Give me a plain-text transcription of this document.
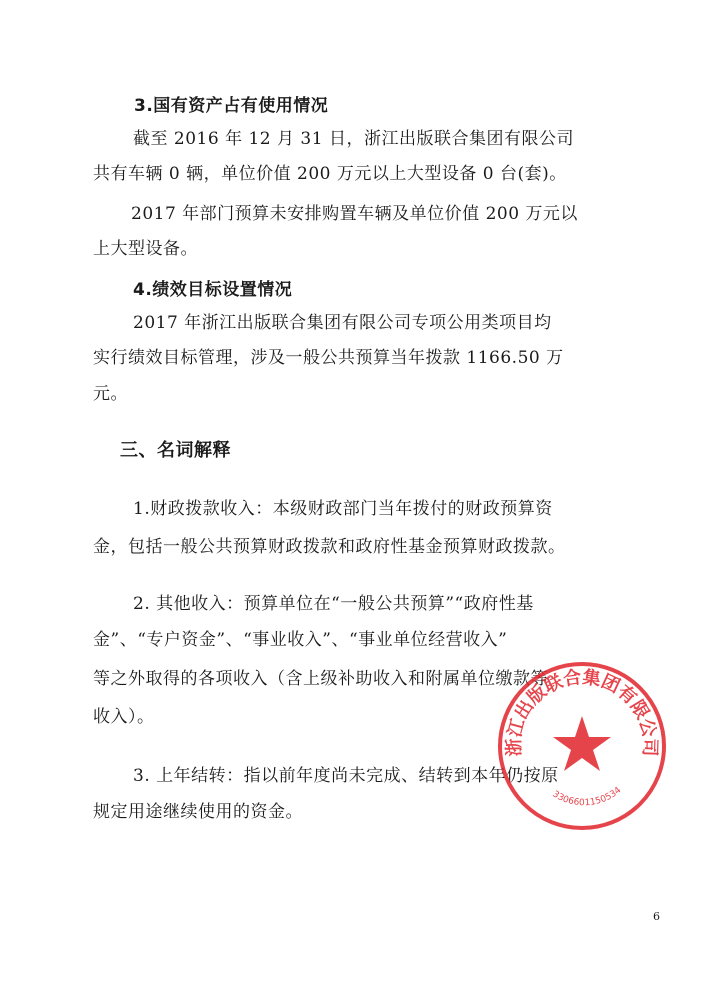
3.国有资产占有使用情况
截至 2016 年 12 月 31 日，浙江出版联合集团有限公司
共有车辆 0 辆，单位价值 200 万元以上大型设备 0 台(套)。
2017 年部门预算未安排购置车辆及单位价值 200 万元以
上大型设备。
4.绩效目标设置情况
2017 年浙江出版联合集团有限公司专项公用类项目均
实行绩效目标管理，涉及一般公共预算当年拨款 1166.50 万
元。
三、名词解释
1.财政拨款收入：本级财政部门当年拨付的财政预算资
金，包括一般公共预算财政拨款和政府性基金预算财政拨款。
2. 其他收入：预算单位在“一般公共预算”“政府性基
金”、“专户资金”、“事业收入”、“事业单位经营收入”
等之外取得的各项收入（含上级补助收入和附属单位缴款等
收入）。
3. 上年结转：指以前年度尚未完成、结转到本年仍按原
规定用途继续使用的资金。
6
浙江出版联合集团有限公司
3306601150534
